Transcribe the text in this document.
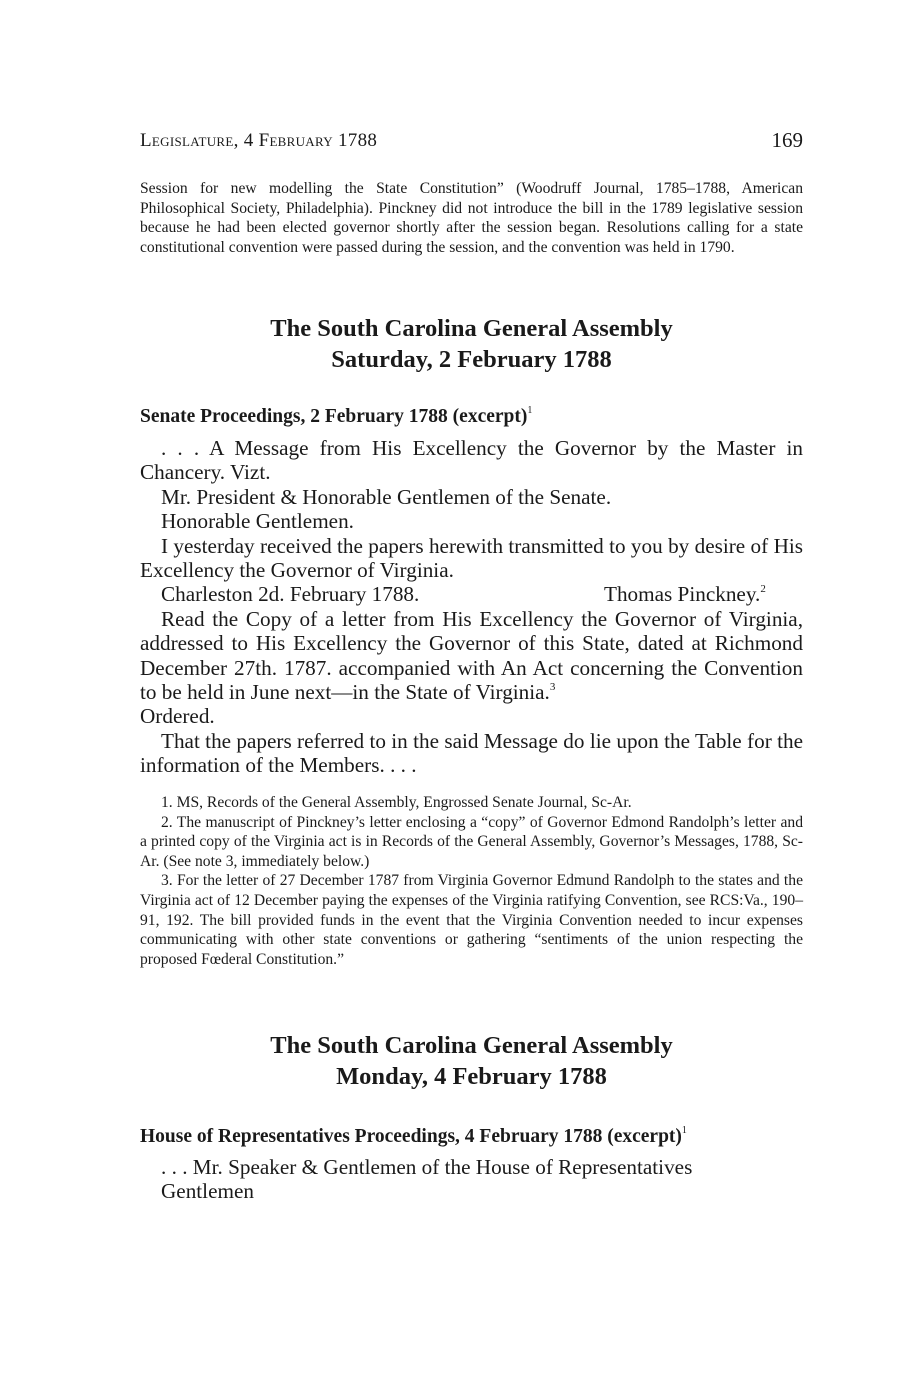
Legislature, 4 February 1788	169

Session for new modelling the State Constitution” (Woodruff Journal, 1785–1788, American Philosophical Society, Philadelphia). Pinckney did not introduce the bill in the 1789 legislative session because he had been elected governor shortly after the session began. Resolutions calling for a state constitutional convention were passed during the session, and the convention was held in 1790.

The South Carolina General Assembly
Saturday, 2 February 1788
Senate Proceedings, 2 February 1788 (excerpt)$^1$

. . . A Message from His Excellency the Governor by the Master in Chancery. Vizt.

Mr. President & Honorable Gentlemen of the Senate.

Honorable Gentlemen.

I yesterday received the papers herewith transmitted to you by desire of His Excellency the Governor of Virginia.

Charleston 2d. February 1788.	Thomas Pinckney.$^2$

Read the Copy of a letter from His Excellency the Governor of Virginia, addressed to His Excellency the Governor of this State, dated at Richmond December 27th. 1787. accompanied with An Act concerning the Convention to be held in June next—in the State of Virginia.$^3$

Ordered.

That the papers referred to in the said Message do lie upon the Table for the information of the Members. . . .

1. MS, Records of the General Assembly, Engrossed Senate Journal, Sc-Ar.

2. The manuscript of Pinckney’s letter enclosing a “copy” of Governor Edmond Randolph’s letter and a printed copy of the Virginia act is in Records of the General Assembly, Governor’s Messages, 1788, Sc-Ar. (See note 3, immediately below.)

3. For the letter of 27 December 1787 from Virginia Governor Edmund Randolph to the states and the Virginia act of 12 December paying the expenses of the Virginia ratifying Convention, see RCS:Va., 190–91, 192. The bill provided funds in the event that the Virginia Convention needed to incur expenses communicating with other state conventions or gathering “sentiments of the union respecting the proposed Fœderal Constitution.”

The South Carolina General Assembly
Monday, 4 February 1788
House of Representatives Proceedings, 4 February 1788 (excerpt)$^1$

. . . Mr. Speaker & Gentlemen of the House of Representatives

Gentlemen
